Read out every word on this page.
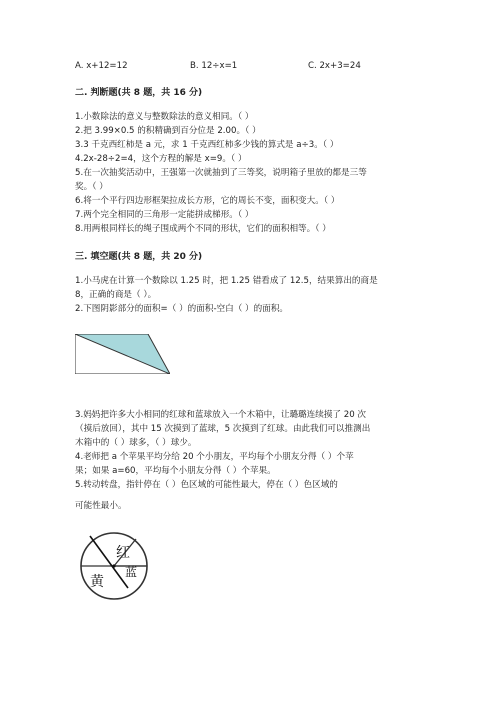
A. x+12=12	B. 12÷x=1	C. 2x+3=24
二. 判断题(共 8 题，共 16 分)
1.小数除法的意义与整数除法的意义相同。（ ）
2.把 3.99×0.5 的积精确到百分位是 2.00。（ ）
3.3 千克西红柿是 a 元，求 1 千克西红柿多少钱的算式是 a÷3。（ ）
4.2x-28÷2=4，这个方程的解是 x=9。（ ）
5.在一次抽奖活动中，王强第一次就抽到了三等奖，说明箱子里放的都是三等
奖。（ ）
6.将一个平行四边形框架拉成长方形，它的周长不变，面积变大。（ ）
7.两个完全相同的三角形一定能拼成梯形。（ ）
8.用两根同样长的绳子围成两个不同的形状，它们的面积相等。（ ）
三. 填空题(共 8 题，共 20 分)
1.小马虎在计算一个数除以 1.25 时，把 1.25 错看成了 12.5，结果算出的商是
8，正确的商是（ ）。
2.下图阴影部分的面积=（ ）的面积-空白（ ）的面积。
3.妈妈把许多大小相同的红球和蓝球放入一个木箱中，让璐璐连续摸了 20 次
（摸后放回），其中 15 次摸到了蓝球，5 次摸到了红球。由此我们可以推测出
木箱中的（ ）球多，（ ）球少。
4.老师把 a 个苹果平均分给 20 个小朋友，平均每个小朋友分得（ ）个苹
果；如果 a=60，平均每个小朋友分得（ ）个苹果。
5.转动转盘，指针停在（ ）色区域的可能性最大，停在（ ）色区域的
可能性最小。
红
蓝
黄
